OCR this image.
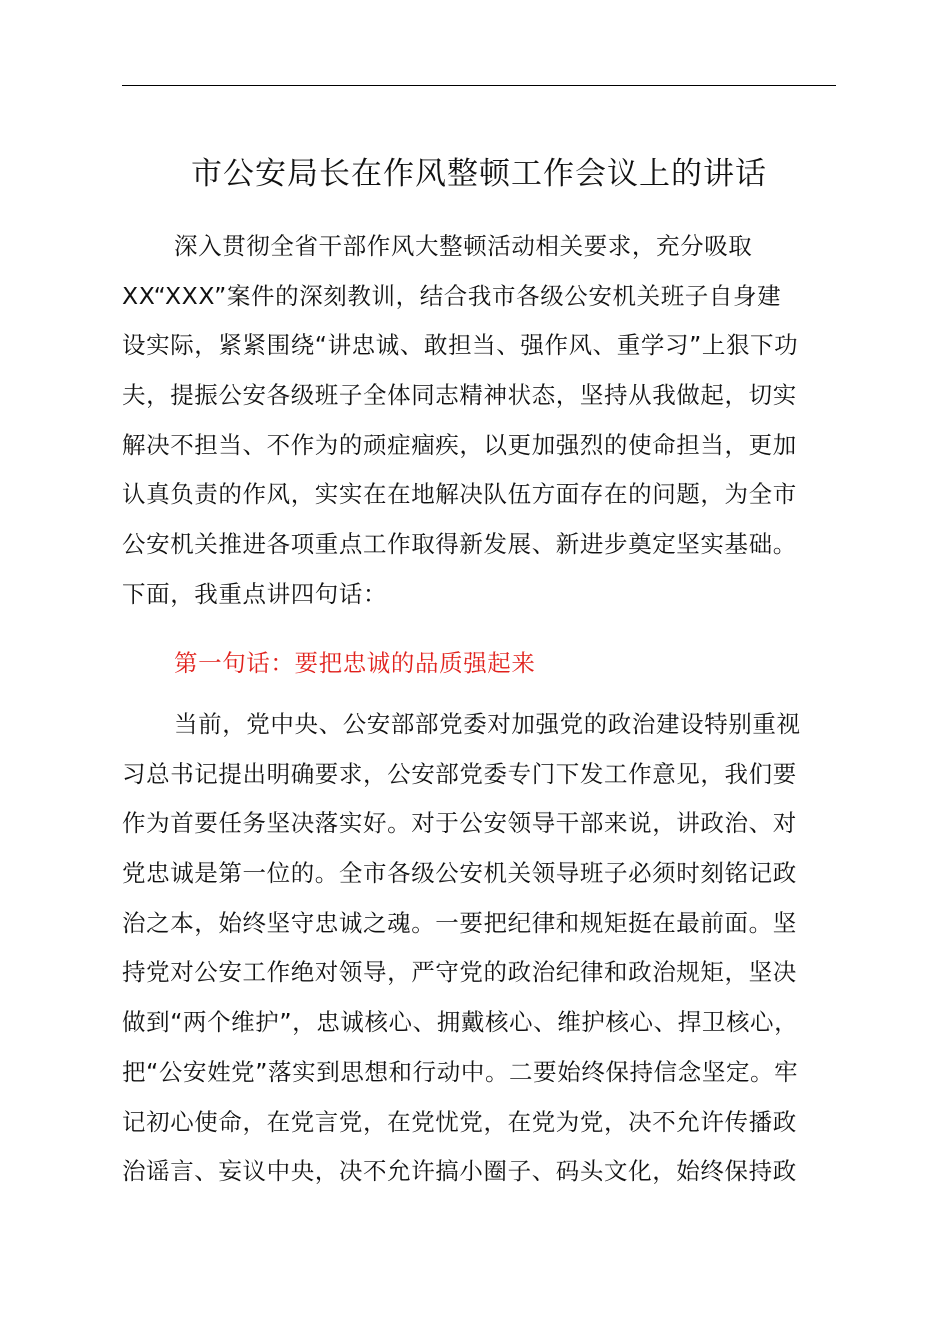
市公安局长在作风整顿工作会议上的讲话
深入贯彻全省干部作风大整顿活动相关要求，充分吸取
XX“XXX”案件的深刻教训，结合我市各级公安机关班子自身建
设实际，紧紧围绕“讲忠诚、敢担当、强作风、重学习”上狠下功
夫，提振公安各级班子全体同志精神状态，坚持从我做起，切实
解决不担当、不作为的顽症痼疾，以更加强烈的使命担当，更加
认真负责的作风，实实在在地解决队伍方面存在的问题，为全市
公安机关推进各项重点工作取得新发展、新进步奠定坚实基础。
下面，我重点讲四句话：
第一句话：要把忠诚的品质强起来
当前，党中央、公安部部党委对加强党的政治建设特别重视
习总书记提出明确要求，公安部党委专门下发工作意见，我们要
作为首要任务坚决落实好。对于公安领导干部来说，讲政治、对
党忠诚是第一位的。全市各级公安机关领导班子必须时刻铭记政
治之本，始终坚守忠诚之魂。一要把纪律和规矩挺在最前面。坚
持党对公安工作绝对领导，严守党的政治纪律和政治规矩，坚决
做到“两个维护”，忠诚核心、拥戴核心、维护核心、捍卫核心，
把“公安姓党”落实到思想和行动中。二要始终保持信念坚定。牢
记初心使命，在党言党，在党忧党，在党为党，决不允许传播政
治谣言、妄议中央，决不允许搞小圈子、码头文化，始终保持政
